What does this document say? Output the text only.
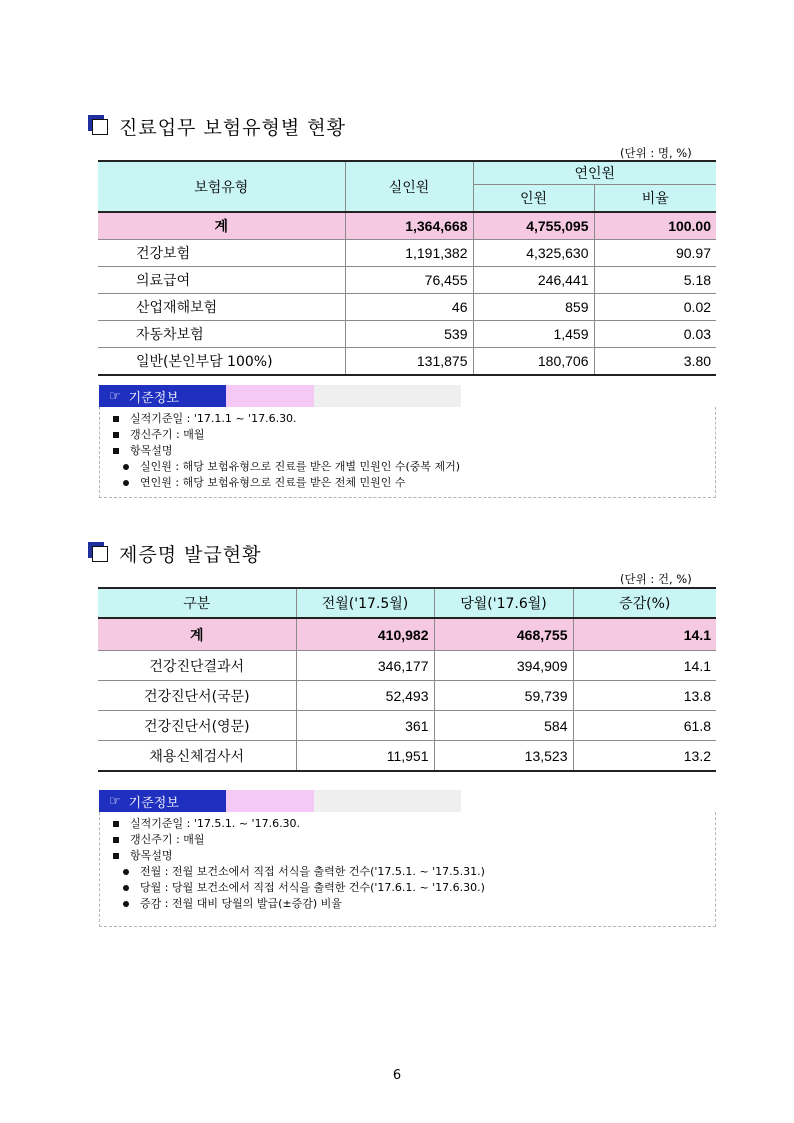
진료업무 보험유형별 현황
(단위 : 명, %)
보험유형	실인원	연인원	
		인원	비율
계	1,364,668	4,755,095	100.00
건강보험	1,191,382	4,325,630	90.97
의료급여	76,455	246,441	5.18
산업재해보험	46	859	0.02
자동차보험	539	1,459	0.03
일반(본인부담 100%)	131,875	180,706	3.80
☞ 기준정보
실적기준일 : '17.1.1 ~ '17.6.30.
갱신주기 : 매월
항목설명
실인원 : 해당 보험유형으로 진료를 받은 개별 민원인 수(중복 제거)
연인원 : 해당 보험유형으로 진료를 받은 전체 민원인 수
제증명 발급현황
(단위 : 건, %)
구분	전월('17.5월)	당월('17.6월)	증감(%)
계	410,982	468,755	14.1
건강진단결과서	346,177	394,909	14.1
건강진단서(국문)	52,493	59,739	13.8
건강진단서(영문)	361	584	61.8
채용신체검사서	11,951	13,523	13.2
☞ 기준정보
실적기준일 : '17.5.1. ~ '17.6.30.
갱신주기 : 매월
항목설명
전월 : 전월 보건소에서 직접 서식을 출력한 건수('17.5.1. ~ '17.5.31.)
당월 : 당월 보건소에서 직접 서식을 출력한 건수('17.6.1. ~ '17.6.30.)
증감 : 전월 대비 당월의 발급(±증감) 비율
6
